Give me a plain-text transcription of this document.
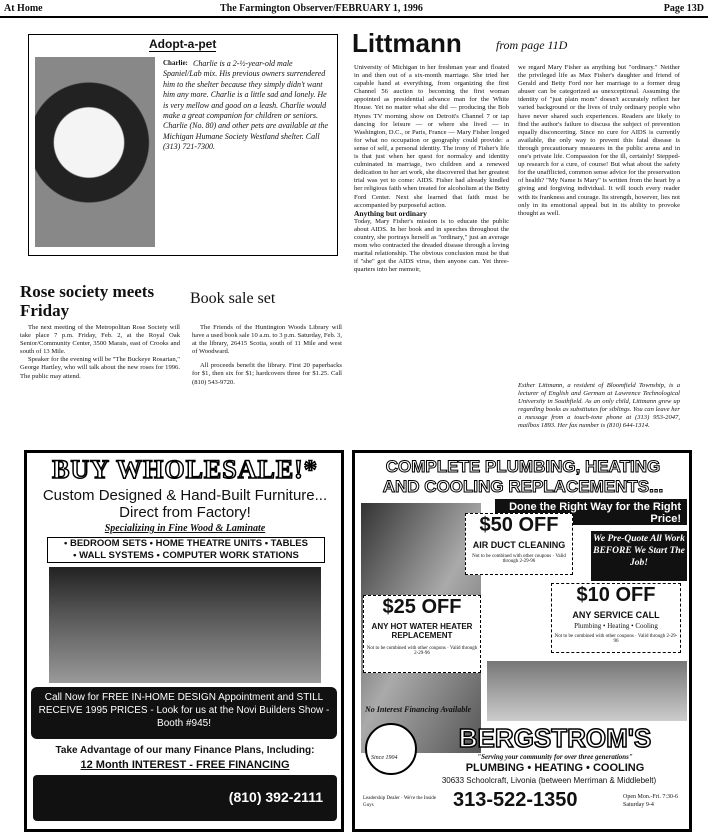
At Home	The Farmington Observer/FEBRUARY 1, 1996	Page 13D
Adopt-a-pet
Charlie: Charlie is a 2-½-year-old male Spaniel/Lab mix. His previous owners surrendered him to the shelter because they simply didn't want him any more. Charlie is a little sad and lonely. He is very mellow and good on a leash. Charlie would make a great companion for children or seniors. Charlie (No. 80) and other pets are available at the Michigan Humane Society Westland shelter. Call (313) 721-7300.
Rose society meets Friday

The next meeting of the Metropolitan Rose Society will take place 7 p.m. Friday, Feb. 2, at the Royal Oak Senior/Community Center, 3500 Marais, east of Crooks and south of 13 Mile.

Speaker for the evening will be "The Buckeye Rosarian," George Hartley, who will talk about the new roses for 1996. The public may attend.

Book sale set

The Friends of the Huntington Woods Library will have a used book sale 10 a.m. to 3 p.m. Saturday, Feb. 3, at the library, 26415 Scotia, south of 11 Mile and west of Woodward.

All proceeds benefit the library. First 20 paperbacks for $1, then six for $1; hardcovers three for $1.25. Call (810) 543-9720.

Littmann	from page 11D

University of Michigan in her freshman year and floated in and then out of a six-month marriage. She tried her capable hand at everything, from organizing the first Channel 56 auction to becoming the first woman appointed as presidential advance man for the White House. Yet no matter what she did — producing the Bob Hynes TV morning show on Detroit's Channel 7 or tap dancing for leisure — or where she lived — in Washington, D.C., or Paris, France — Mary Fisher longed for what no occupation or geography could provide: a sense of self, a personal identity. The irony of Fisher's life is that just when her quest for normalcy and identity culminated in marriage, two children and a renewed dedication to her art work, she discovered that her greatest trial was yet to come: AIDS. Fisher had already kindled her religious faith when treated for alcoholism at the Betty Ford Center. Next she learned that faith must be accompanied by purposeful action.

Anything but ordinary

Today, Mary Fisher's mission is to educate the public about AIDS. In her book and in speeches throughout the country, she portrays herself as "ordinary," just an average mom who contracted the dreaded disease through a loving marital relationship. The obvious conclusion must be that if "she" got the AIDS virus, then anyone can. Yet three-quarters into her memoir,

we regard Mary Fisher as anything but "ordinary." Neither the privileged life as Max Fisher's daughter and friend of Gerald and Betty Ford nor her marriage to a former drug abuser can be categorized as unexceptional. Assuming the identity of "just plain mom" doesn't accurately reflect her varied background or the lives of truly ordinary people who have never shared such experiences. Readers are likely to find the author's failure to discuss the subject of prevention equally disconcerting. Since no cure for AIDS is currently available, the only way to prevent this fatal disease is through precautionary measures in the public arena and in one's private life. Compassion for the ill, certainly! Stepped-up research for a cure, of course! But what about the safety for the unafflicted, common sense advice for the preservation of health? "My Name Is Mary" is written from the heart by a giving and forgiving individual. It will touch every reader with its frankness and courage. Its strength, however, lies not only in its emotional appeal but in its ability to provoke thought as well.

Esther Littmann, a resident of Bloomfield Township, is a lecturer of English and German at Lawrence Technological University in Southfield. As an only child, Littmann grew up regarding books as substitutes for siblings. You can leave her a message from a touch-tone phone at (313) 953-2047, mailbox 1893. Her fax number is (810) 644-1314.
BUY WHOLESALE!*
Custom Designed & Hand-Built Furniture... Direct from Factory!
Specializing in Fine Wood & Laminate
• BEDROOM SETS • HOME THEATRE UNITS • TABLES
• WALL SYSTEMS • COMPUTER WORK STATIONS
Call Now for FREE IN-HOME DESIGN Appointment and STILL RECEIVE 1995 PRICES - Look for us at the Novi Builders Show - Booth #945!
Take Advantage of our many Finance Plans, Including:
12 Month INTEREST - FREE FINANCING
(810) 392-2111
COMPLETE PLUMBING, HEATING
AND COOLING REPLACEMENTS...
Done the Right Way for the Right Price!
We Pre-Quote All Work BEFORE We Start The Job!
$50 OFF
AIR DUCT CLEANING
Not to be combined with other coupons · Valid through 2-29-96
$10 OFF
ANY SERVICE CALL
Plumbing • Heating • Cooling
Not to be combined with other coupons · Valid through 2-29-96
$25 OFF
ANY HOT WATER HEATER REPLACEMENT
Not to be combined with other coupons · Valid through 2-29-96
No Interest Financing Available
Since 1904
BERGSTROM'S
"Serving your community for over three generations"
PLUMBING • HEATING • COOLING
30633 Schoolcraft, Livonia (between Merriman & Middlebelt)
Leadership Dealer · We're the Inside Guys	313-522-1350	Open Mon.-Fri. 7:30-6 Saturday 9-4
